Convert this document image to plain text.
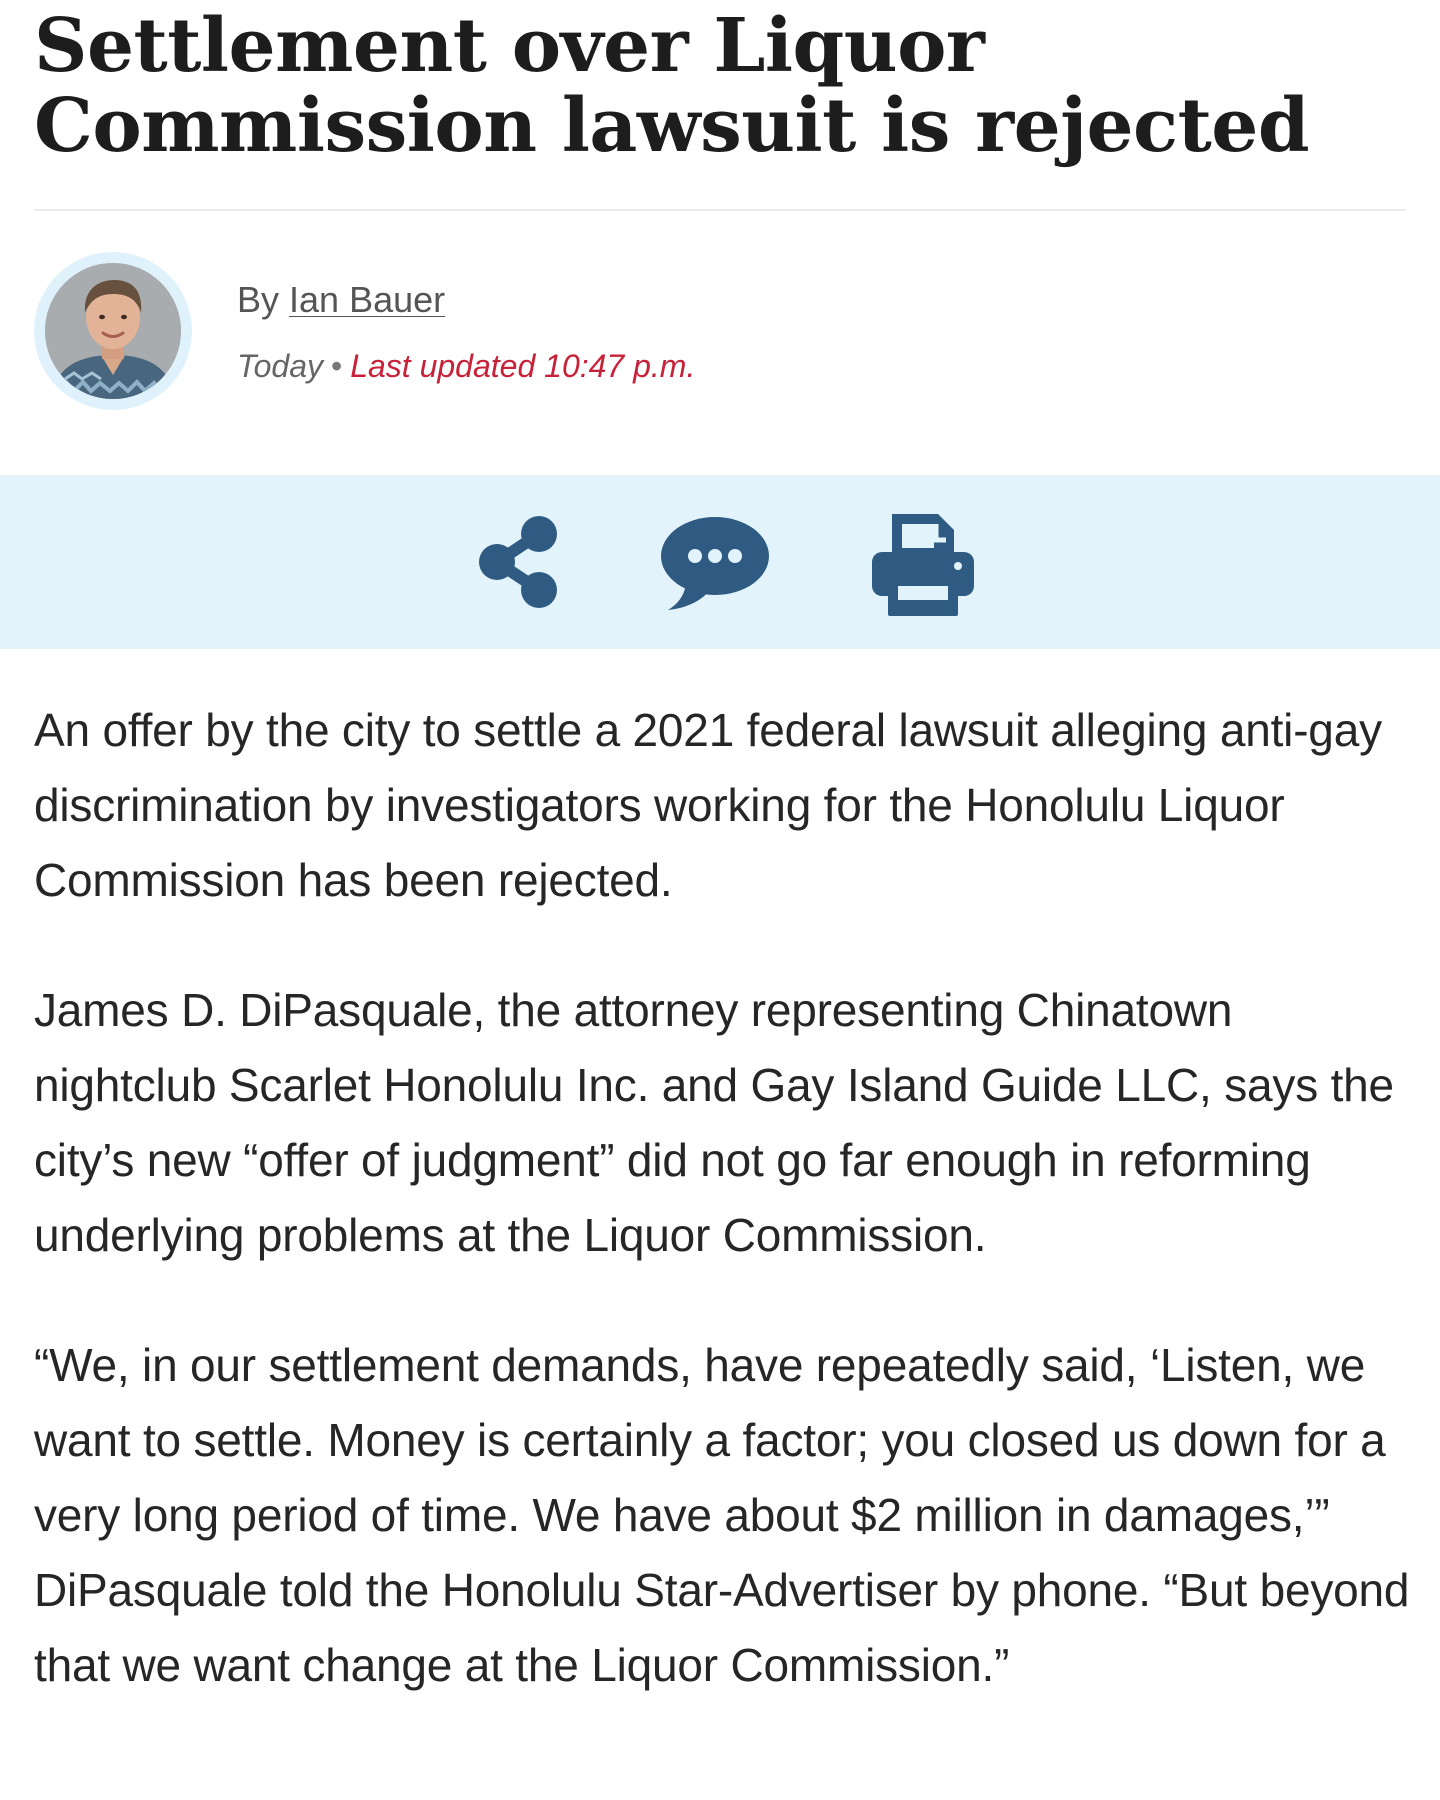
Settlement over Liquor Commission lawsuit is rejected
By Ian Bauer
Today • Last updated 10:47 p.m.

An offer by the city to settle a 2021 federal lawsuit alleging anti-gay discrimination by investigators working for the Honolulu Liquor Commission has been rejected.

James D. DiPasquale, the attorney representing Chinatown nightclub Scarlet Honolulu Inc. and Gay Island Guide LLC, says the city’s new “offer of judgment” did not go far enough in reforming underlying problems at the Liquor Commission.

“We, in our settlement demands, have repeatedly said, ‘Listen, we want to settle. Money is certainly a factor; you closed us down for a very long period of time. We have about $2 million in damages,’” DiPasquale told the Honolulu Star-Advertiser by phone. “But beyond that we want change at the Liquor Commission.”
